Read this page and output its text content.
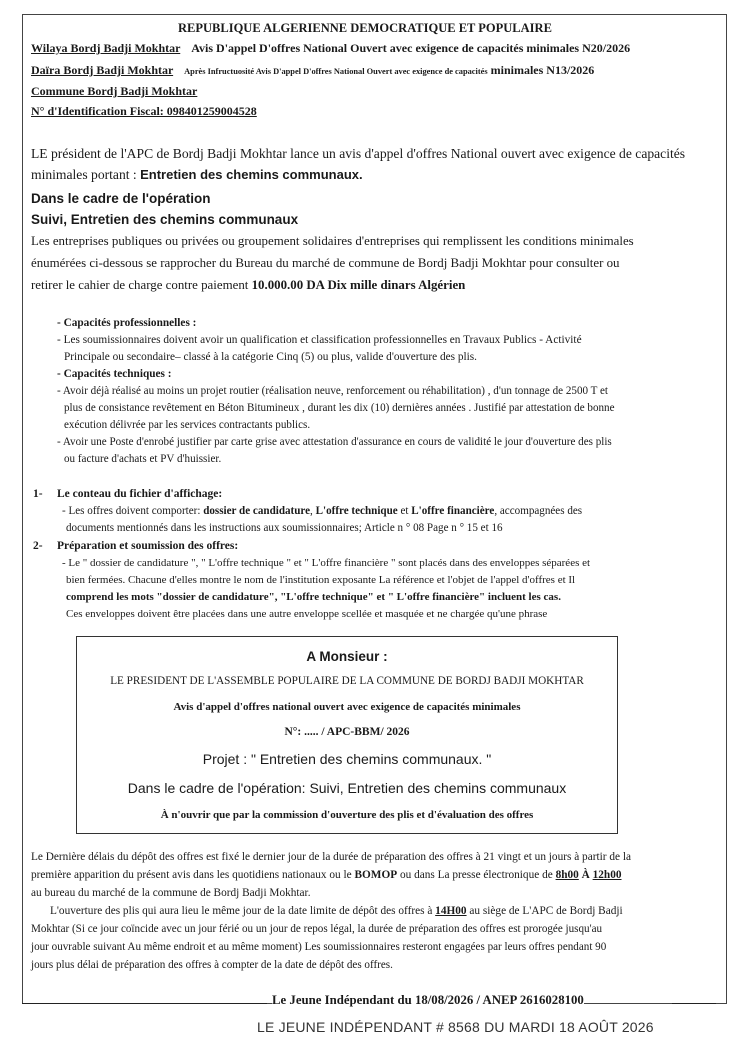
REPUBLIQUE ALGERIENNE DEMOCRATIQUE ET POPULAIRE
Wilaya Bordj Badji Mokhtar Avis D'appel D'offres National Ouvert avec exigence de capacités minimales N20/2026
Daïra Bordj Badji Mokhtar Après Infructuosité Avis D'appel D'offres National Ouvert avec exigence de capacités minimales N13/2026
Commune Bordj Badji Mokhtar
N° d'Identification Fiscal: 098401259004528
LE président de l'APC de Bordj Badji Mokhtar lance un avis d'appel d'offres National ouvert avec exigence de capacités
minimales portant : Entretien des chemins communaux.
Dans le cadre de l'opération
Suivi, Entretien des chemins communaux
Les entreprises publiques ou privées ou groupement solidaires d'entreprises qui remplissent les conditions minimales
énumérées ci-dessous se rapprocher du Bureau du marché de commune de Bordj Badji Mokhtar pour consulter ou
retirer le cahier de charge contre paiement 10.000.00 DA Dix mille dinars Algérien
- Capacités professionnelles :
- Les soumissionnaires doivent avoir un qualification et classification professionnelles en Travaux Publics - Activité
Principale ou secondaire– classé à la catégorie Cinq (5) ou plus, valide d'ouverture des plis.
- Capacités techniques :
- Avoir déjà réalisé au moins un projet routier (réalisation neuve, renforcement ou réhabilitation) , d'un tonnage de 2500 T et
plus de consistance revêtement en Béton Bitumineux , durant les dix (10) dernières années . Justifié par attestation de bonne
exécution délivrée par les services contractants publics.
- Avoir une Poste d'enrobé justifier par carte grise avec attestation d'assurance en cours de validité le jour d'ouverture des plis
ou facture d'achats et PV d'huissier.
1- Le conteau du fichier d'affichage:
- Les offres doivent comporter: dossier de candidature, L'offre technique et L'offre financière, accompagnées des
documents mentionnés dans les instructions aux soumissionnaires; Article n ° 08 Page n ° 15 et 16
2- Préparation et soumission des offres:
- Le " dossier de candidature ", " L'offre technique " et " L'offre financière " sont placés dans des enveloppes séparées et
bien fermées. Chacune d'elles montre le nom de l'institution exposante La référence et l'objet de l'appel d'offres et Il
comprend les mots "dossier de candidature", "L'offre technique" et " L'offre financière" incluent les cas.
Ces enveloppes doivent être placées dans une autre enveloppe scellée et masquée et ne chargée qu'une phrase
A Monsieur :
LE PRESIDENT DE L'ASSEMBLE POPULAIRE DE LA COMMUNE DE BORDJ BADJI MOKHTAR
Avis d'appel d'offres national ouvert avec exigence de capacités minimales
N°: ..... / APC-BBM/ 2026
Projet : " Entretien des chemins communaux. "
Dans le cadre de l'opération: Suivi, Entretien des chemins communaux
À n'ouvrir que par la commission d'ouverture des plis et d'évaluation des offres
Le Dernière délais du dépôt des offres est fixé le dernier jour de la durée de préparation des offres à 21 vingt et un jours à partir de la
première apparition du présent avis dans les quotidiens nationaux ou le BOMOP ou dans La presse électronique de 8h00 À 12h00
au bureau du marché de la commune de Bordj Badji Mokhtar.
L'ouverture des plis qui aura lieu le même jour de la date limite de dépôt des offres à 14H00 au siège de L'APC de Bordj Badji
Mokhtar (Si ce jour coïncide avec un jour férié ou un jour de repos légal, la durée de préparation des offres est prorogée jusqu'au
jour ouvrable suivant Au même endroit et au même moment) Les soumissionnaires resteront engagées par leurs offres pendant 90
jours plus délai de préparation des offres à compter de la date de dépôt des offres.
Le Jeune Indépendant du 18/08/2026 / ANEP 2616028100
LE JEUNE INDÉPENDANT # 8568 DU MARDI 18 AOÛT 2026
